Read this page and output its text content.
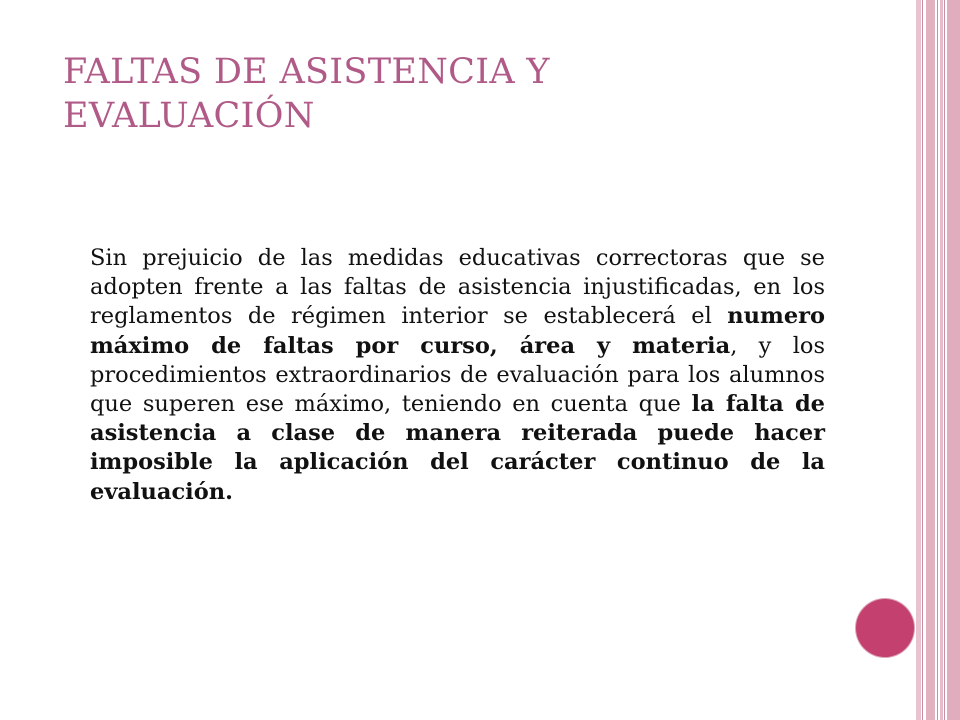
FALTAS DE ASISTENCIA Y
EVALUACIÓN

Sin prejuicio de las medidas educativas correctoras que se adopten frente a las faltas de asistencia injustificadas, en los reglamentos de régimen interior se establecerá el numero máximo de faltas por curso, área y materia, y los procedimientos extraordinarios de evaluación para los alumnos que superen ese máximo, teniendo en cuenta que la falta de asistencia a clase de manera reiterada puede hacer imposible la aplicación del carácter continuo de la evaluación.
